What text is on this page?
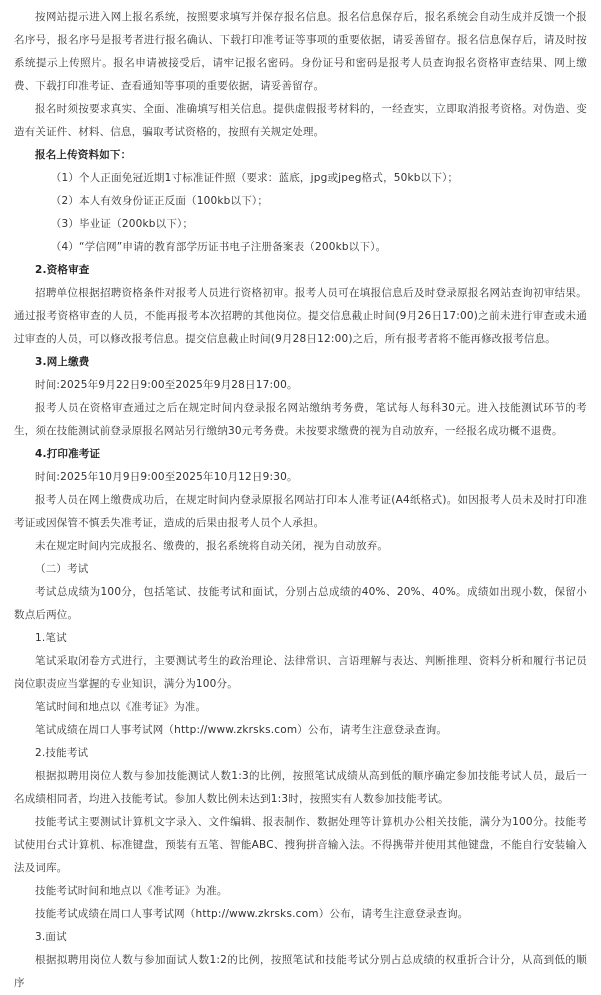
按网站提示进入网上报名系统，按照要求填写并保存报名信息。报名信息保存后，报名系统会自动生成并反馈一个报名序号，报名序号是报考者进行报名确认、下载打印准考证等事项的重要依据，请妥善留存。报名信息保存后，请及时按系统提示上传照片。报名申请被接受后，请牢记报名密码。身份证号和密码是报考人员查询报名资格审查结果、网上缴费、下载打印准考证、查看通知等事项的重要依据，请妥善留存。

报名时须按要求真实、全面、准确填写相关信息。提供虚假报考材料的，一经查实，立即取消报考资格。对伪造、变造有关证件、材料、信息，骗取考试资格的，按照有关规定处理。

报名上传资料如下：

（1）个人正面免冠近期1寸标准证件照（要求：蓝底，jpg或jpeg格式，50kb以下）；

（2）本人有效身份证正反面（100kb以下）；

（3）毕业证（200kb以下）；

（4）“学信网”申请的教育部学历证书电子注册备案表（200kb以下）。

2.资格审查

招聘单位根据招聘资格条件对报考人员进行资格初审。报考人员可在填报信息后及时登录原报名网站查询初审结果。通过报考资格审查的人员，不能再报考本次招聘的其他岗位。提交信息截止时间(9月26日17:00)之前未进行审查或未通过审查的人员，可以修改报考信息。提交信息截止时间(9月28日12:00)之后，所有报考者将不能再修改报考信息。

3.网上缴费

时间:2025年9月22日9:00至2025年9月28日17:00。

报考人员在资格审查通过之后在规定时间内登录报名网站缴纳考务费，笔试每人每科30元。进入技能测试环节的考生，须在技能测试前登录原报名网站另行缴纳30元考务费。未按要求缴费的视为自动放弃，一经报名成功概不退费。

4.打印准考证

时间:2025年10月9日9:00至2025年10月12日9:30。

报考人员在网上缴费成功后，在规定时间内登录原报名网站打印本人准考证(A4纸格式)。如因报考人员未及时打印准考证或因保管不慎丢失准考证，造成的后果由报考人员个人承担。

未在规定时间内完成报名、缴费的，报名系统将自动关闭，视为自动放弃。

（二）考试

考试总成绩为100分，包括笔试、技能考试和面试，分别占总成绩的40%、20%、40%。成绩如出现小数，保留小数点后两位。

1.笔试

笔试采取闭卷方式进行，主要测试考生的政治理论、法律常识、言语理解与表达、判断推理、资料分析和履行书记员岗位职责应当掌握的专业知识，满分为100分。

笔试时间和地点以《准考证》为准。

笔试成绩在周口人事考试网（http://www.zkrsks.com）公布，请考生注意登录查询。

2.技能考试

根据拟聘用岗位人数与参加技能测试人数1:3的比例，按照笔试成绩从高到低的顺序确定参加技能考试人员，最后一名成绩相同者，均进入技能考试。参加人数比例未达到1:3时，按照实有人数参加技能考试。

技能考试主要测试计算机文字录入、文件编辑、报表制作、数据处理等计算机办公相关技能，满分为100分。技能考试使用台式计算机、标准键盘，预装有五笔、智能ABC、搜狗拼音输入法。不得携带并使用其他键盘，不能自行安装输入法及词库。

技能考试时间和地点以《准考证》为准。

技能考试成绩在周口人事考试网（http://www.zkrsks.com）公布，请考生注意登录查询。

3.面试

根据拟聘用岗位人数与参加面试人数1:2的比例，按照笔试和技能考试分别占总成绩的权重折合计分，从高到低的顺序
